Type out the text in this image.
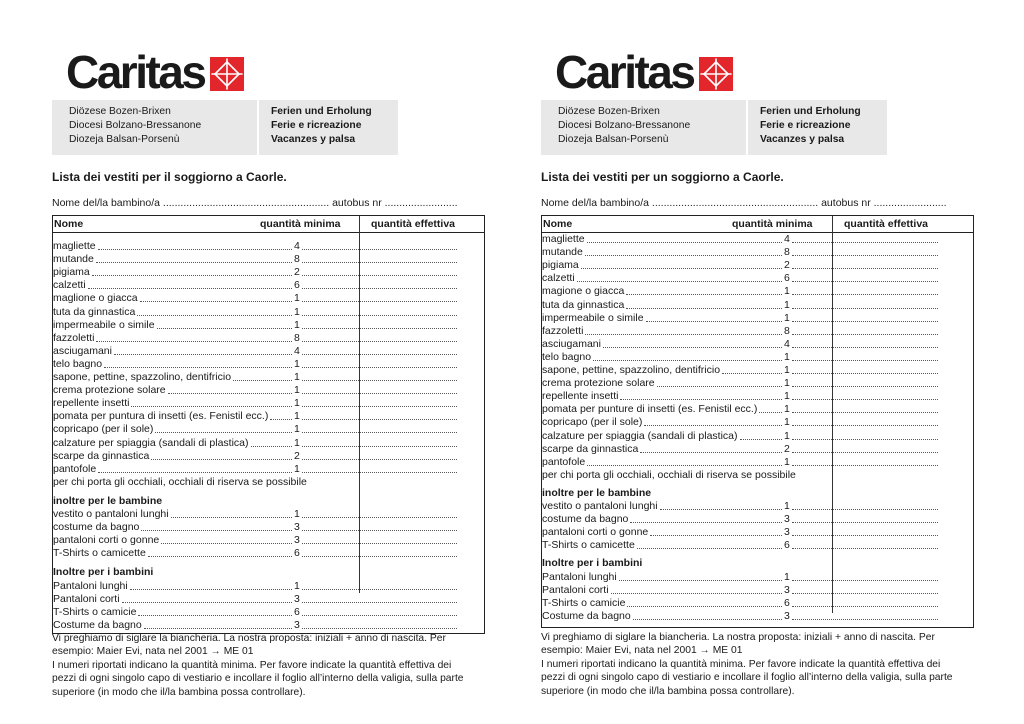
Caritas
Diözese Bozen-Brixen
Diocesi Bolzano-Bressanone
Diozeja Balsan-Porsenù
Ferien und Erholung
Ferie e ricreazione
Vacanzes y palsa
Lista dei vestiti per il soggiorno a Caorle.
Nome del/la bambino/a ......................................................... autobus nr .........................
Nome	quantità minima	quantità effettiva
magliette	4
mutande	8
pigiama	2
calzetti	6
maglione o giacca	1
tuta da ginnastica	1
impermeabile o simile	1
fazzoletti	8
asciugamani	4
telo bagno	1
sapone, pettine, spazzolino, dentifricio	1
crema protezione solare	1
repellente insetti	1
pomata per puntura di insetti (es. Fenistil ecc.) 1
copricapo (per il sole)	1
calzature per spiaggia (sandali di plastica)	1
scarpe da ginnastica	2
pantofole	1
per chi porta gli occhiali, occhiali di riserva se possibile
inoltre per le bambine
vestito o pantaloni lunghi	1
costume da bagno	3
pantaloni corti o gonne	3
T-Shirts o camicette	6
Inoltre per i bambini
Pantaloni lunghi	1
Pantaloni corti	3
T-Shirts o camicie	6
Costume da bagno	3
Vi preghiamo di siglare la biancheria. La nostra proposta: iniziali + anno di nascita. Per
esempio: Maier Evi, nata nel 2001 → ME 01
I numeri riportati indicano la quantità minima. Per favore indicate la quantità effettiva dei
pezzi di ogni singolo capo di vestiario e incollare il foglio all’interno della valigia, sulla parte
superiore (in modo che il/la bambina possa controllare).
Caritas
Diözese Bozen-Brixen
Diocesi Bolzano-Bressanone
Diozeja Balsan-Porsenù
Ferien und Erholung
Ferie e ricreazione
Vacanzes y palsa
Lista dei vestiti per un soggiorno a Caorle.
Nome del/la bambino/a ......................................................... autobus nr .........................
Nome	quantità minima	quantità effettiva
magliette	4
mutande	8
pigiama	2
calzetti	6
magione o giacca	1
tuta da ginnastica	1
impermeabile o simile	1
fazzoletti	8
asciugamani	4
telo bagno	1
sapone, pettine, spazzolino, dentifricio	1
crema protezione solare	1
repellente insetti	1
pomata per punture di insetti (es. Fenistil ecc.)	1
copricapo (per il sole)	1
calzature per spiaggia (sandali di plastica)	1
scarpe da ginnastica	2
pantofole	1
per chi porta gli occhiali, occhiali di riserva se possibile
inoltre per le bambine
vestito o pantaloni lunghi	1
costume da bagno	3
pantaloni corti o gonne	3
T-Shirts o camicette	6
Inoltre per i bambini
Pantaloni lunghi	1
Pantaloni corti	3
T-Shirts o camicie	6
Costume da bagno	3
Vi preghiamo di siglare la biancheria. La nostra proposta: iniziali + anno di nascita. Per
esempio: Maier Evi, nata nel 2001 → ME 01
I numeri riportati indicano la quantità minima. Per favore indicate la quantità effettiva dei
pezzi di ogni singolo capo di vestiario e incollare il foglio all’interno della valigia, sulla parte
superiore (in modo che il/la bambina possa controllare).
